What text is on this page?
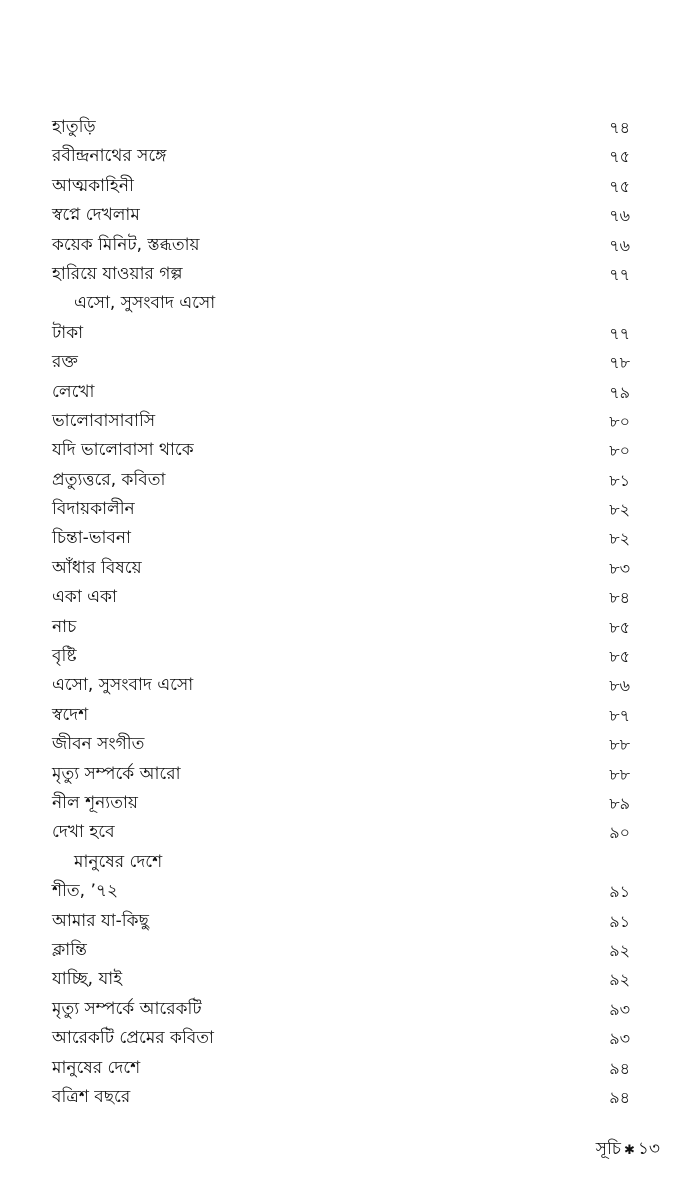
হাতুড়ি	৭৪
রবীন্দ্রনাথের সঙ্গে	৭৫
আত্মকাহিনী	৭৫
স্বপ্নে দেখলাম	৭৬
কয়েক মিনিট, স্তব্ধতায়	৭৬
হারিয়ে যাওয়ার গল্প	৭৭
এসো, সুসংবাদ এসো
টাকা	৭৭
রক্ত	৭৮
লেখো	৭৯
ভালোবাসাবাসি	৮০
যদি ভালোবাসা থাকে	৮০
প্রত্যুত্তরে, কবিতা	৮১
বিদায়কালীন	৮২
চিন্তা-ভাবনা	৮২
আঁধার বিষয়ে	৮৩
একা একা	৮৪
নাচ	৮৫
বৃষ্টি	৮৫
এসো, সুসংবাদ এসো	৮৬
স্বদেশ	৮৭
জীবন সংগীত	৮৮
মৃত্যু সম্পর্কে আরো	৮৮
নীল শূন্যতায়	৮৯
দেখা হবে	৯০
মানুষের দেশে
শীত, ’৭২	৯১
আমার যা-কিছু	৯১
ক্লান্তি	৯২
যাচ্ছি, যাই	৯২
মৃত্যু সম্পর্কে আরেকটি	৯৩
আরেকটি প্রেমের কবিতা	৯৩
মানুষের দেশে	৯৪
বত্রিশ বছরে	৯৪
সূচি ✱ ১৩
